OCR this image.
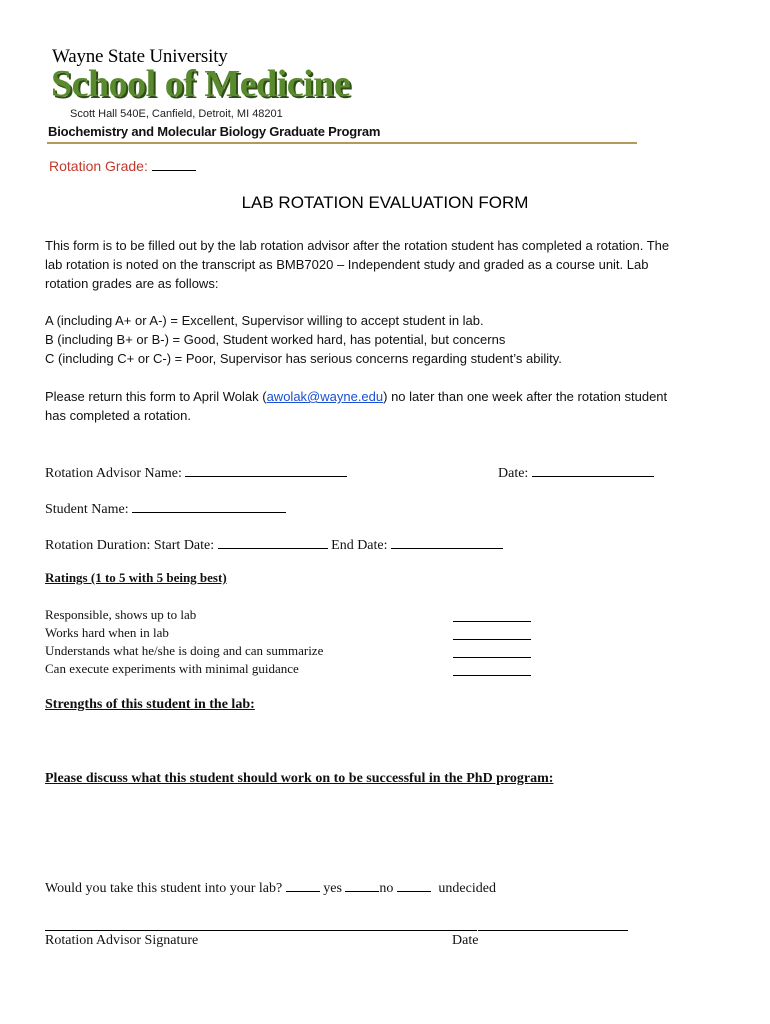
Wayne State University
School of Medicine
Scott Hall 540E, Canfield, Detroit, MI 48201
Biochemistry and Molecular Biology Graduate Program
Rotation Grade:
LAB ROTATION EVALUATION FORM
This form is to be filled out by the lab rotation advisor after the rotation student has completed a rotation. The
lab rotation is noted on the transcript as BMB7020 – Independent study and graded as a course unit. Lab
rotation grades are as follows:
A (including A+ or A-) = Excellent, Supervisor willing to accept student in lab.
B (including B+ or B-) = Good, Student worked hard, has potential, but concerns
C (including C+ or C-) = Poor, Supervisor has serious concerns regarding student’s ability.
Please return this form to April Wolak (awolak@wayne.edu) no later than one week after the rotation student
has completed a rotation.
Rotation Advisor Name:	Date:
Student Name:
Rotation Duration: Start Date:	End Date:
Ratings (1 to 5 with 5 being best)
Responsible, shows up to lab
Works hard when in lab
Understands what he/she is doing and can summarize
Can execute experiments with minimal guidance
Strengths of this student in the lab:
Please discuss what this student should work on to be successful in the PhD program:
Would you take this student into your lab?	yes	no	undecided
Rotation Advisor Signature	Date
